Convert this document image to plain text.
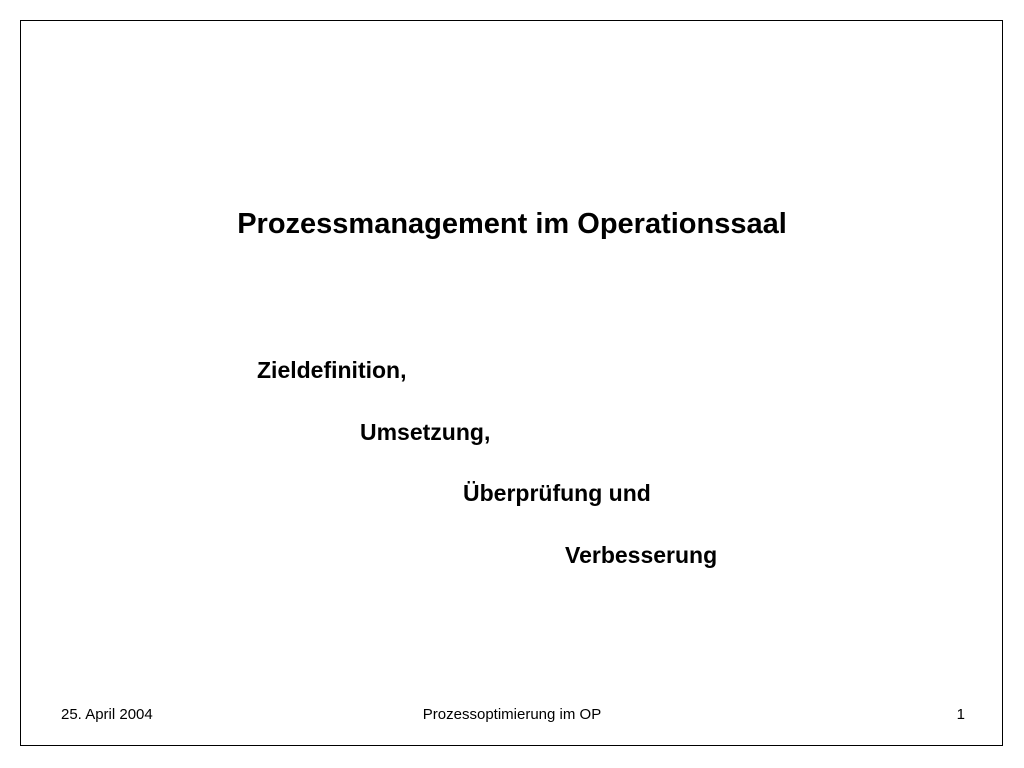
Prozessmanagement im Operationssaal

Zieldefinition,

Umsetzung,

Überprüfung und

Verbesserung

25. April 2004	Prozessoptimierung im OP	1
